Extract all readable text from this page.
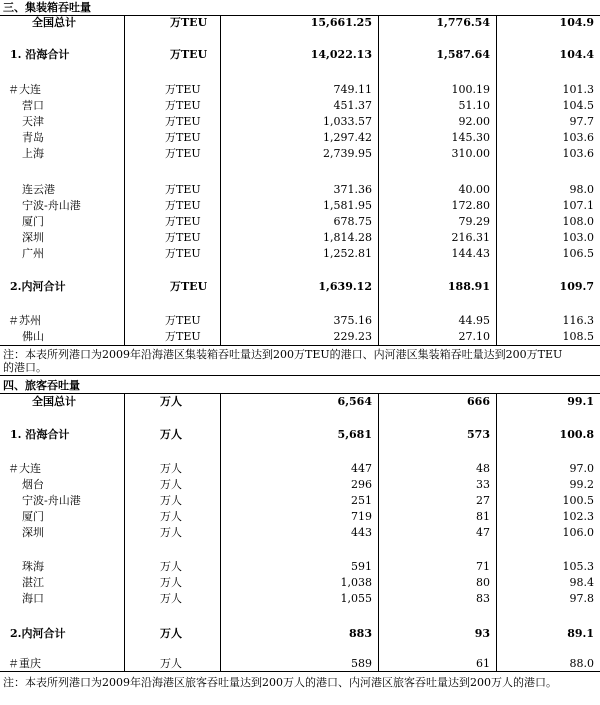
三、集装箱吞吐量
四、旅客吞吐量
全国总计	万TEU	15,661.25	1,776.54	104.9
1. 沿海合计	万TEU	14,022.13	1,587.64	104.4
＃大连	万TEU	749.11	100.19	101.3
营口	万TEU	451.37	51.10	104.5
天津	万TEU	1,033.57	92.00	97.7
青岛	万TEU	1,297.42	145.30	103.6
上海	万TEU	2,739.95	310.00	103.6
连云港	万TEU	371.36	40.00	98.0
宁波-舟山港	万TEU	1,581.95	172.80	107.1
厦门	万TEU	678.75	79.29	108.0
深圳	万TEU	1,814.28	216.31	103.0
广州	万TEU	1,252.81	144.43	106.5
2.内河合计	万TEU	1,639.12	188.91	109.7
＃苏州	万TEU	375.16	44.95	116.3
佛山	万TEU	229.23	27.10	108.5
全国总计	万人	6,564	666	99.1
1. 沿海合计	万人	5,681	573	100.8
＃大连	万人	447	48	97.0
烟台	万人	296	33	99.2
宁波-舟山港	万人	251	27	100.5
厦门	万人	719	81	102.3
深圳	万人	443	47	106.0
珠海	万人	591	71	105.3
湛江	万人	1,038	80	98.4
海口	万人	1,055	83	97.8
2.内河合计	万人	883	93	89.1
＃重庆	万人	589	61	88.0
注：本表所列港口为2009年沿海港区集装箱吞吐量达到200万TEU的港口、内河港区集装箱吞吐量达到200万TEU
的港口。
注：本表所列港口为2009年沿海港区旅客吞吐量达到200万人的港口、内河港区旅客吞吐量达到200万人的港口。
